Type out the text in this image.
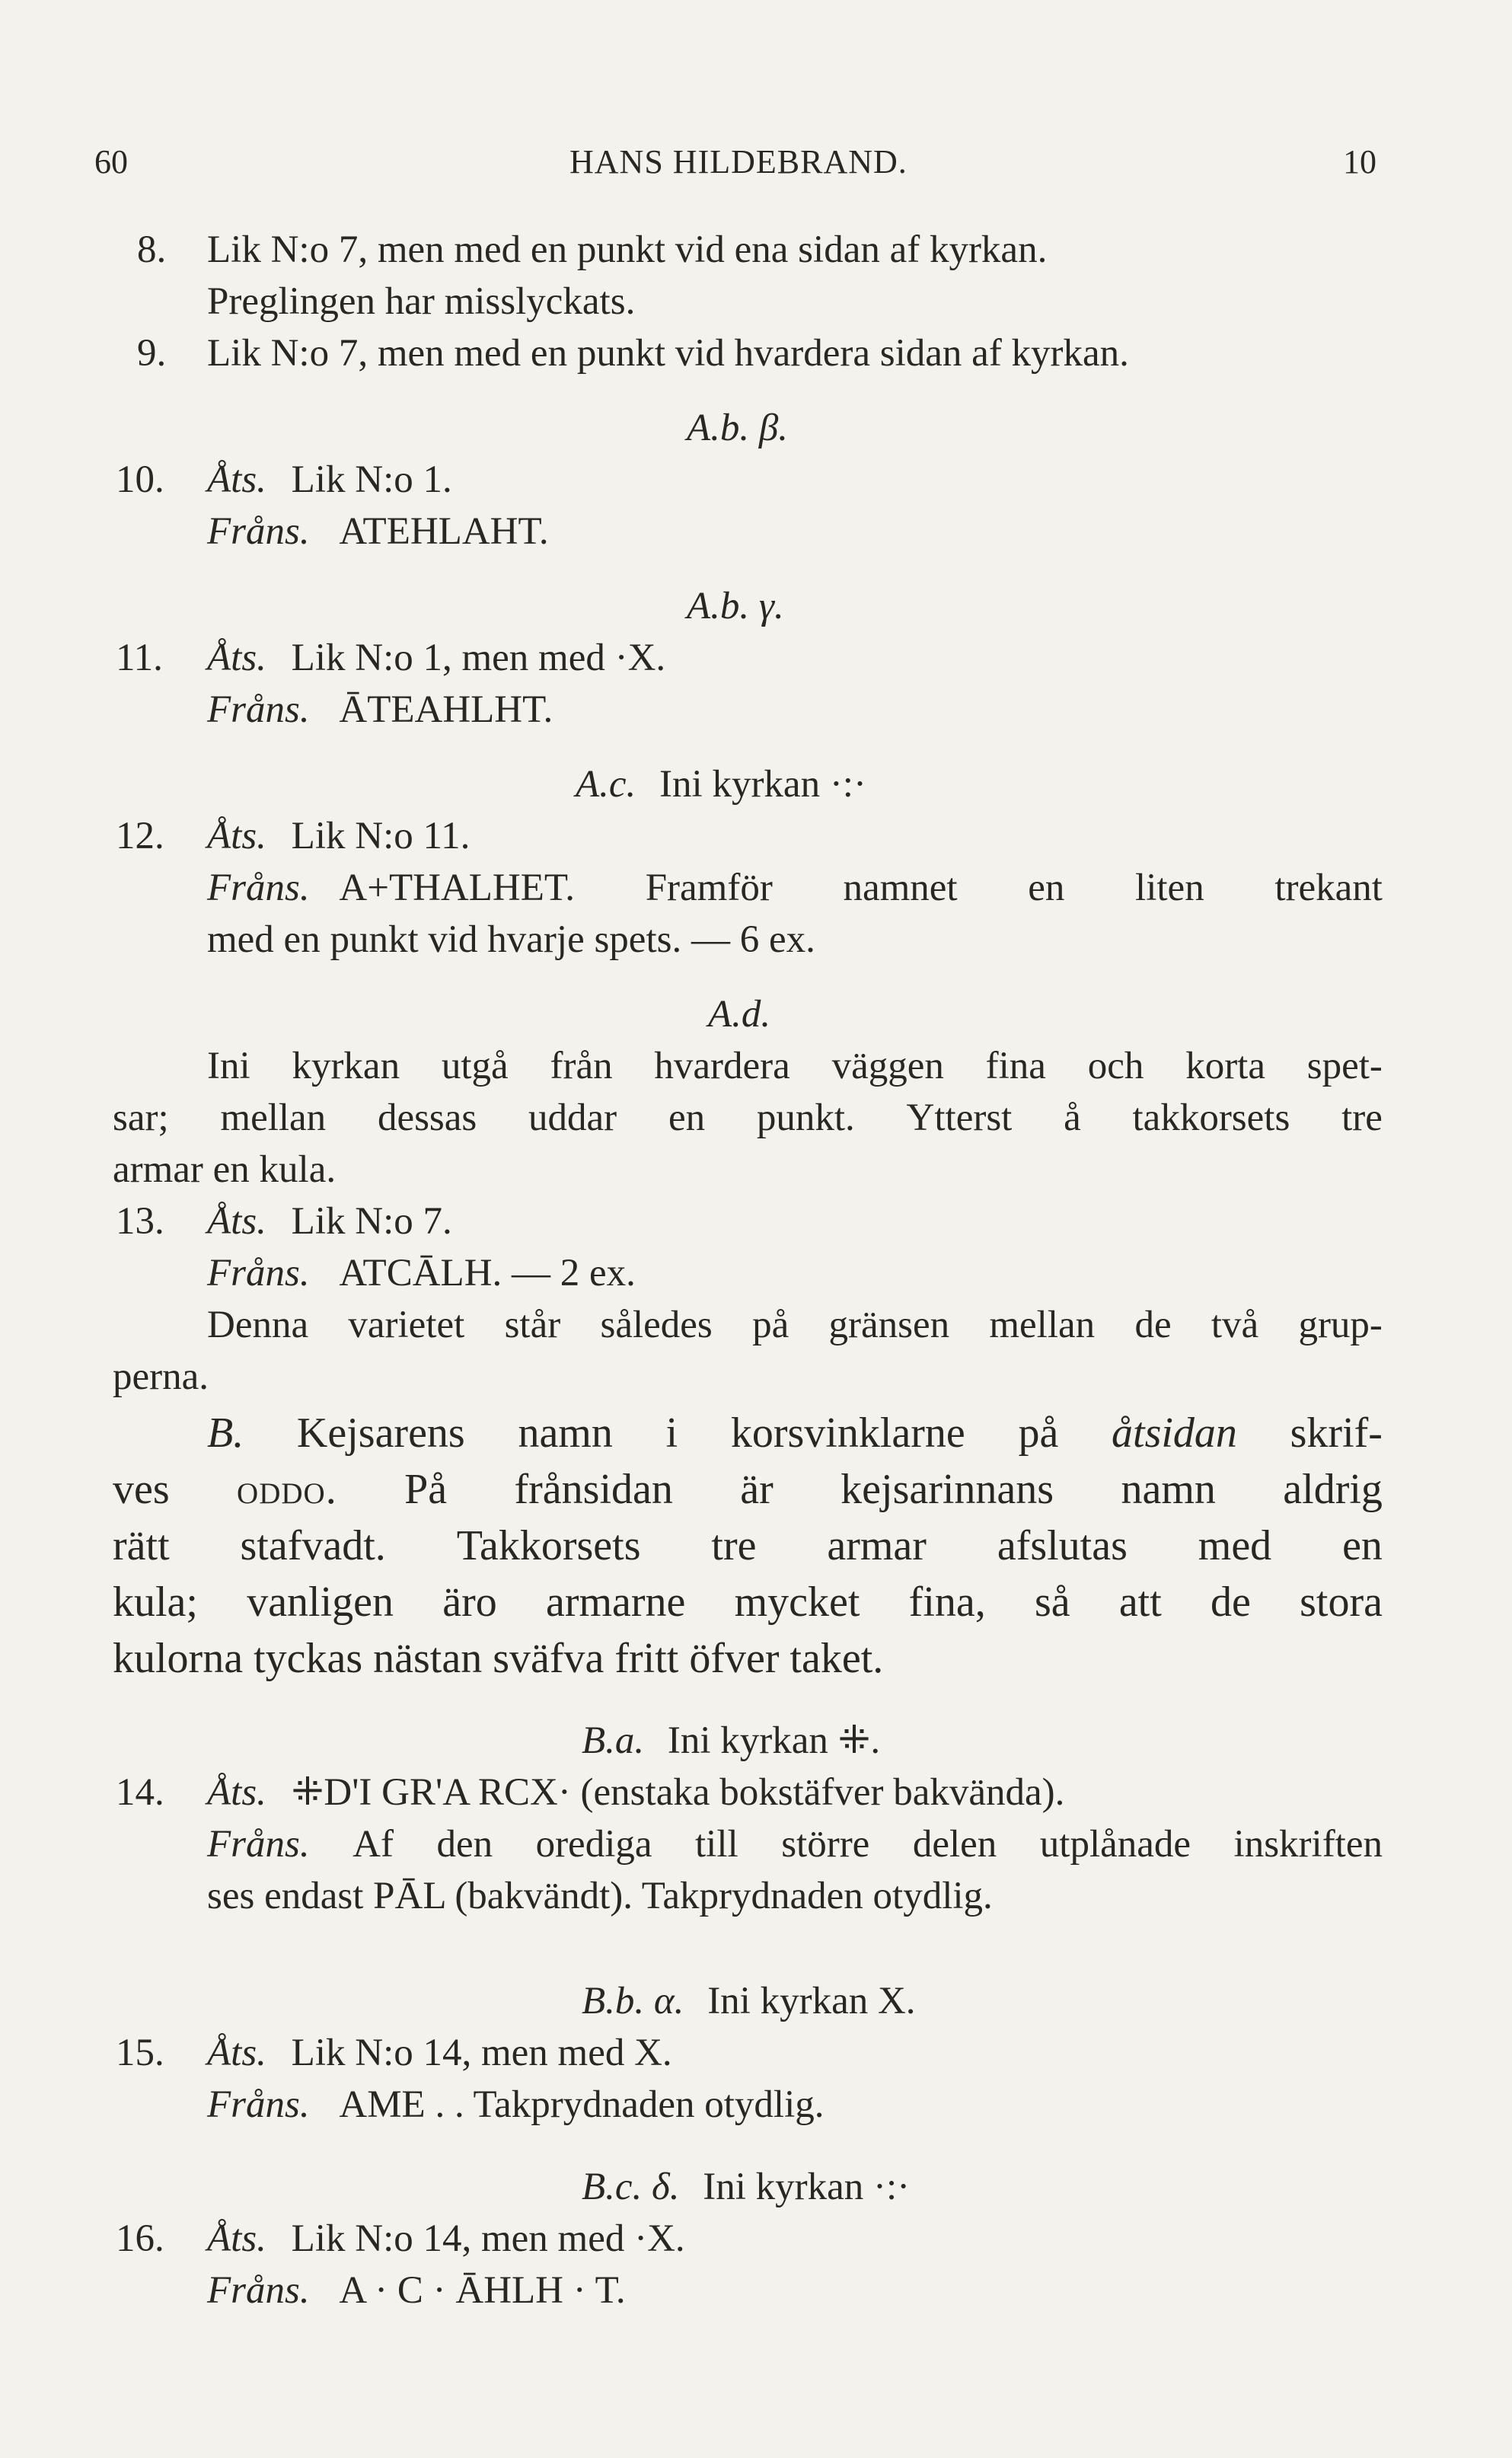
60	HANS HILDEBRAND.	10
8. Lik N:o 7, men med en punkt vid ena sidan af kyrkan.
Preglingen har misslyckats.
9. Lik N:o 7, men med en punkt vid hvardera sidan af kyrkan.
A.b. β.
10. Åts. Lik N:o 1.
Fråns. ATEHLAHT.
A.b. γ.
11. Åts. Lik N:o 1, men med ·X.
Fråns. ĀTEAHLHT.
A.c. Ini kyrkan ·:·
12. Åts. Lik N:o 11.
Fråns. A+THALHET. Framför namnet en liten trekant
med en punkt vid hvarje spets. — 6 ex.
A.d.
Ini kyrkan utgå från hvardera väggen fina och korta spet-
sar; mellan dessas uddar en punkt. Ytterst å takkorsets tre
armar en kula.
13. Åts. Lik N:o 7.
Fråns. ATCĀLH. — 2 ex.
Denna varietet står således på gränsen mellan de två grup-
perna.
B. Kejsarens namn i korsvinklarne på åtsidan skrif-
ves oddo. På frånsidan är kejsarinnans namn aldrig
rätt stafvadt. Takkorsets tre armar afslutas med en
kula; vanligen äro armarne mycket fina, så att de stora
kulorna tyckas nästan sväfva fritt öfver taket.
B.a. Ini kyrkan ⁜.
14. Åts. ⁜D'I GR'A RCX· (enstaka bokstäfver bakvända).
Fråns. Af den orediga till större delen utplånade inskriften
ses endast PĀL (bakvändt). Takprydnaden otydlig.
B.b. α. Ini kyrkan X.
15. Åts. Lik N:o 14, men med X.
Fråns. AME . . Takprydnaden otydlig.
B.c. δ. Ini kyrkan ·:·
16. Åts. Lik N:o 14, men med ·X.
Fråns. A · C · ĀHLH · T.
